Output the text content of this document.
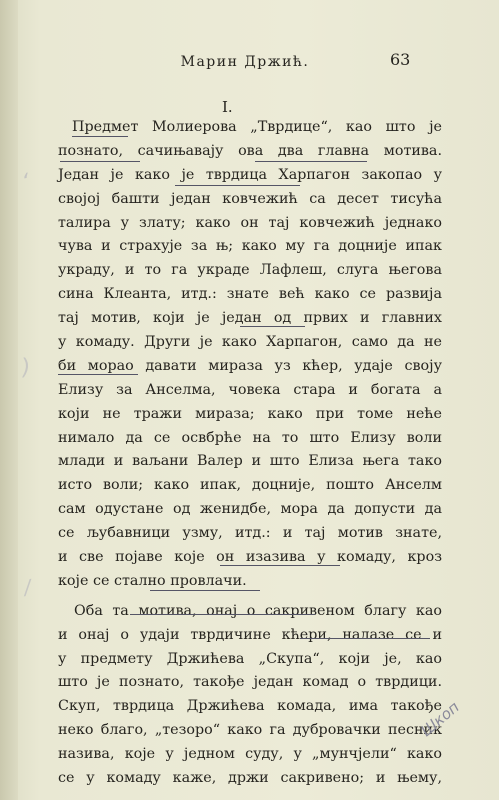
Марин Држић.	63
I.
Предмет Молиерова „Тврдице“, као што је
познато, сачињавају ова два главна мотива.
Један је како је тврдица Харпагон закопао у
својој башти један ковчежић са десет тисућа
талира у злату; како он тај ковчежић једнако
чува и страхује за њ; како му га доцније ипак
украду, и то га украде Лафлеш, слуга његова
сина Клеанта, итд.: знате већ како се развија
тај мотив, који је један од првих и главних
у комаду. Други је како Харпагон, само да не
би морао давати мираза уз кћер, удаје своју
Елизу за Анселма, човека стара и богата а
који не тражи мираза; како при томе неће
нимало да се освбрће на то што Елизу воли
млади и ваљани Валер и што Елиза њега тако
исто воли; како ипак, доцније, пошто Анселм
сам одустане од женидбе, мора да допусти да
се љубавници узму, итд.: и тај мотив знате,
и све појаве које он изазива у комаду, кроз
које се стално провлачи.
Оба та мотива, онај о сакривеном благу као
и онај о удаји тврдичине кћери, налазе се и
у предмету Држићева „Скупа“, који је, као
што је познато, такође један комад о тврдици.
Скуп, тврдица Држићева комада, има такође
неко благо, „тезоро“ како га дубровачки песник
назива, које у једном суду, у „мунчјели“ како
се у комаду каже, држи сакривено; и њему,
‘
)
/
Шкоп
